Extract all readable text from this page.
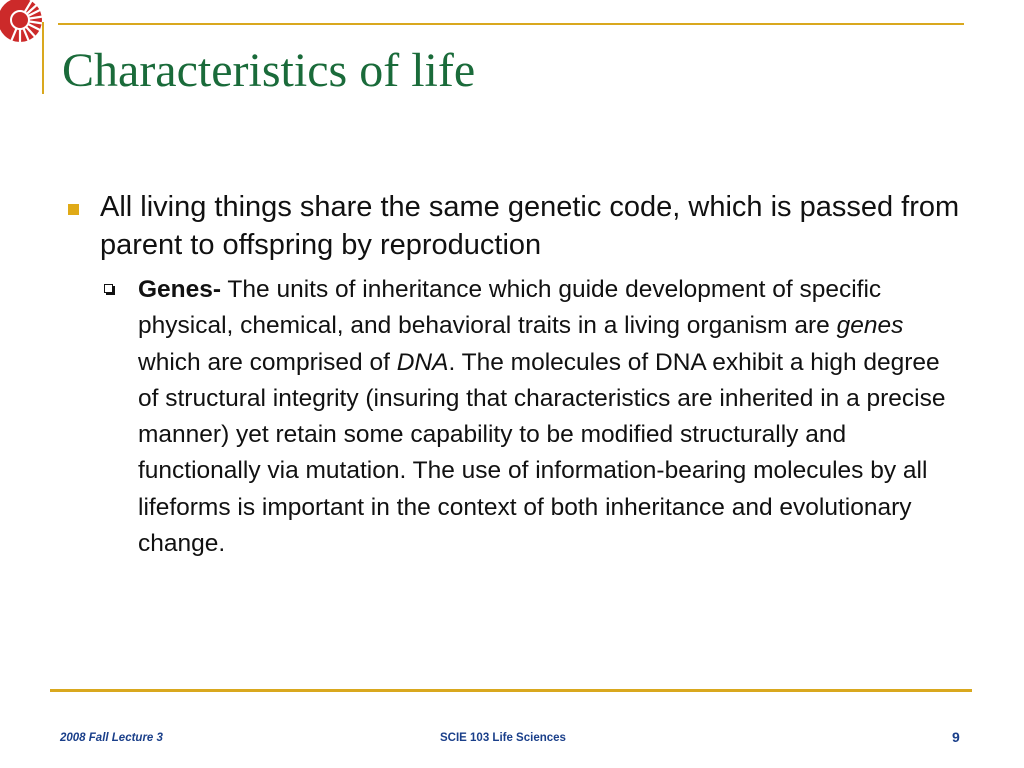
Characteristics of life
All living things share the same genetic code, which is passed from parent to offspring by reproduction
Genes- The units of inheritance which guide development of specific physical, chemical, and behavioral traits in a living organism are genes which are comprised of DNA. The molecules of DNA exhibit a high degree of structural integrity (insuring that characteristics are inherited in a precise manner) yet retain some capability to be modified structurally and functionally via mutation. The use of information-bearing molecules by all lifeforms is important in the context of both inheritance and evolutionary change.
2008 Fall Lecture 3	SCIE 103 Life Sciences	9
